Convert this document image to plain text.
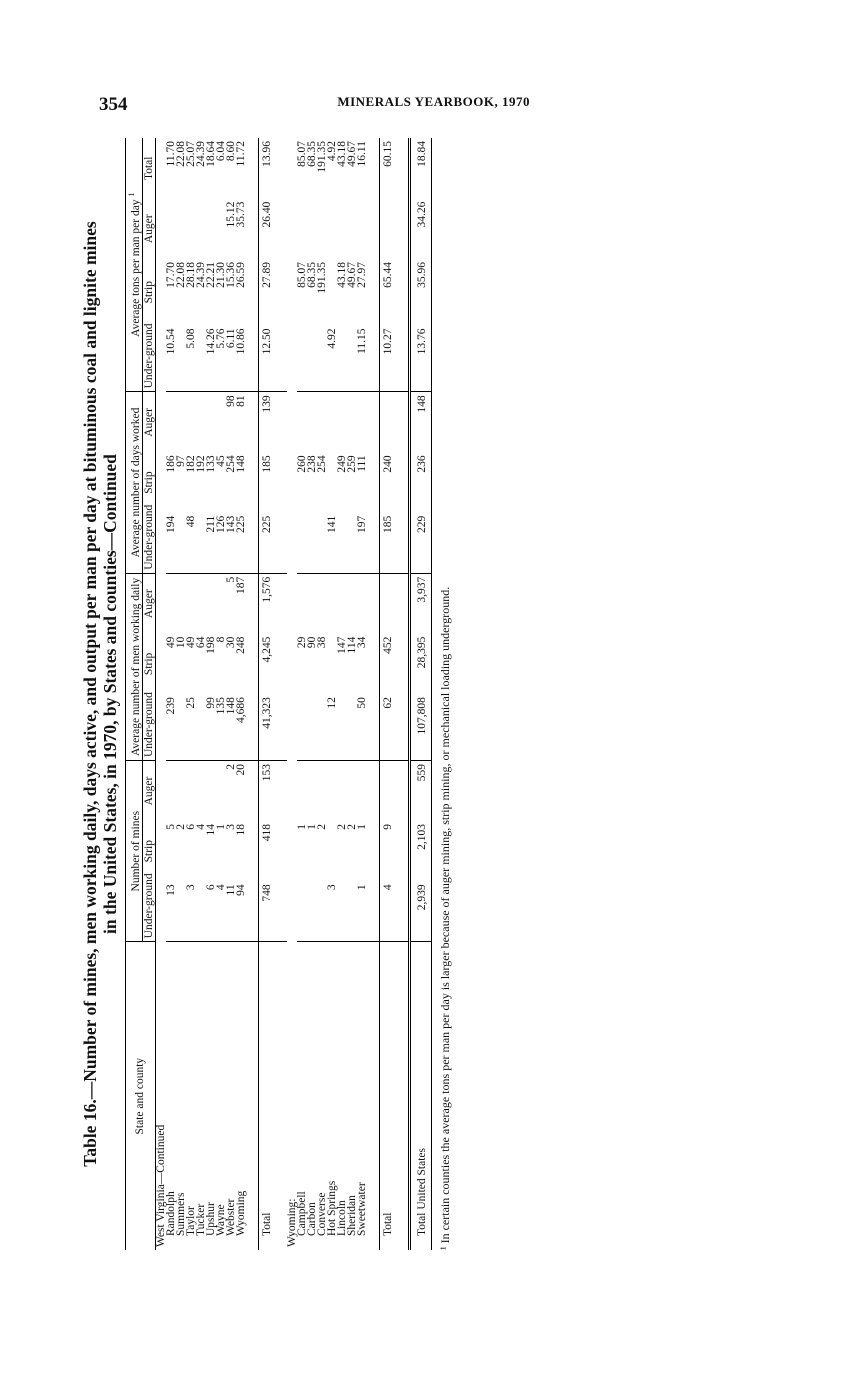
354	MINERALS YEARBOOK, 1970
Table 16.—Number of mines, men working daily, days active, and output per man per day at bituminous coal and lignite mines in the United States, in 1970, by States and counties—Continued
State and county	Number of mines			Average number of men working daily			Average number of days worked			Average tons per man per day $^1$
	Under-ground	Strip	Auger	Under-ground	Strip	Auger	Under-ground	Strip	Auger	Under-ground	Strip	Auger	Total
West Virginia—Continued													
Randolph	13	5		239	49		194	186		10.54	17.70		11.70
Summers		2			10			97			22.08		22.08
Taylor	3	6		25	49		48	182		5.08	28.18		25.07
Tucker		4			64			192			24.39		24.39
Upshur	6	14		99	198		211	133		14.26	22.21		18.64
Wayne	4	1		135	8		126	45		5.76	21.30		6.04
Webster	11	3	2	148	30	5	143	254	98	6.11	15.36	15.12	8.60
Wyoming	94	18	20	4,686	248	187	225	148	81	10.86	26.59	35.73	11.72

Total	748	418	153	41,323	4,245	1,576	225	185	139	12.50	27.89	26.40	13.96

Wyoming:													
Campbell		1			29			260			85.07		85.07
Carbon		1			90			238			68.35		68.35
Converse		2			38			254			191.35		191.35
Hot Springs	3			12			141			4.92			4.92
Lincoln		2			147			249			43.18		43.18
Sheridan		2			114			259			49.67		49.67
Sweetwater	1	1		50	34		197	111		11.15	27.97		16.11

Total	4	9		62	452		185	240		10.27	65.44		60.15

Total United States	2,939	2,103	559	107,808	28,395	3,937	229	236	148	13.76	35.96	34.26	18.84
¹ In certain counties the average tons per man per day is larger because of auger mining, strip mining, or mechanical loading underground.
